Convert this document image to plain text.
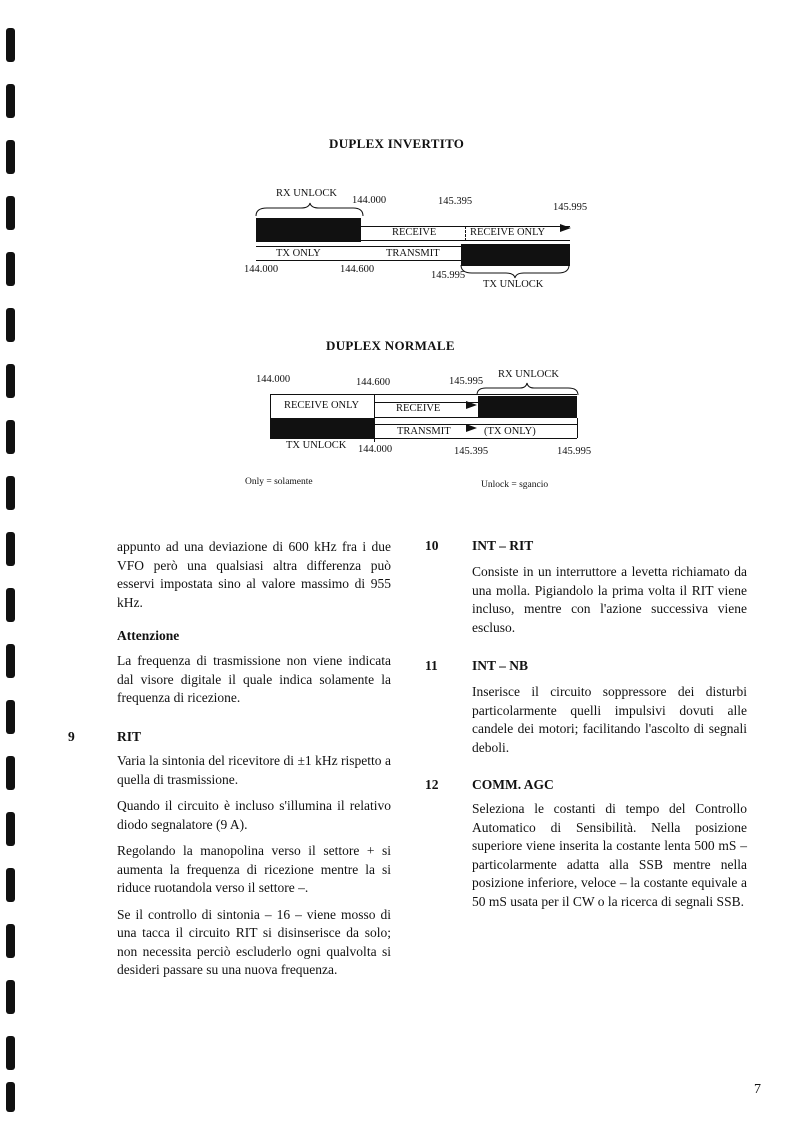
DUPLEX INVERTITO
RX UNLOCK
144.000	145.395
145.995
RECEIVE	RECEIVE ONLY
TX ONLY	TRANSMIT
144.000	144.600
145.995
TX UNLOCK
DUPLEX NORMALE
RX UNLOCK
144.000	144.600	145.995
RECEIVE ONLY	RECEIVE
TRANSMIT	(TX ONLY)
TX UNLOCK 144.000	145.395	145.995
Only = solamente	Unlock = sgancio

appunto ad una deviazione di 600 kHz fra i due VFO però una qualsiasi altra differenza può esservi impostata sino al valore massimo di 955 kHz.

Attenzione

La frequenza di trasmissione non viene indicata dal visore digitale il quale indica solamente la frequenza di ricezione.

9	RIT

Varia la sintonia del ricevitore di ±1 kHz rispetto a quella di trasmissione.

Quando il circuito è incluso s'illumina il relativo diodo segnalatore (9 A).

Regolando la manopolina verso il settore + si aumenta la frequenza di ricezione mentre la si riduce ruotandola verso il settore –.

Se il controllo di sintonia – 16 – viene mosso di una tacca il circuito RIT si disinserisce da solo; non necessita perciò escluderlo ogni qualvolta si desideri passare su una nuova frequenza.

10 INT – RIT

Consiste in un interruttore a levetta richiamato da una molla. Pigiandolo la prima volta il RIT viene incluso, mentre con l'azione successiva viene escluso.

11	INT – NB

Inserisce il circuito soppressore dei disturbi particolarmente quelli impulsivi dovuti alle candele dei motori; facilitando l'ascolto di segnali deboli.

12 COMM. AGC

Seleziona le costanti di tempo del Controllo Automatico di Sensibilità. Nella posizione superiore viene inserita la costante lenta 500 mS – particolarmente adatta alla SSB mentre nella posizione inferiore, veloce – la costante equivale a 50 mS usata per il CW o la ricerca di segnali SSB.

7
